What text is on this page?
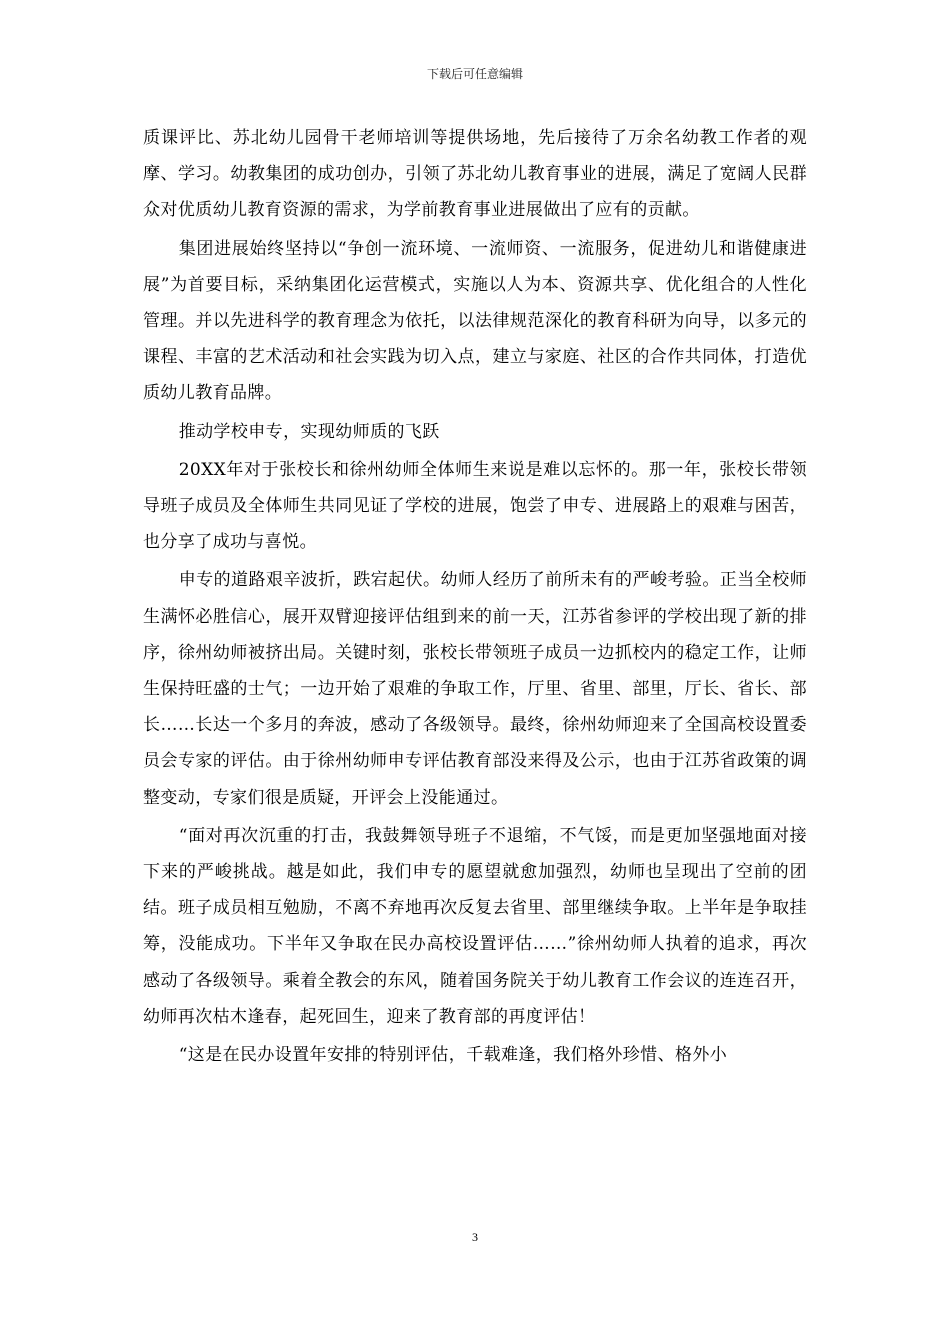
下载后可任意编辑

质课评比、苏北幼儿园骨干老师培训等提供场地，先后接待了万余名幼教工作者的观摩、学习。幼教集团的成功创办，引领了苏北幼儿教育事业的进展，满足了宽阔人民群众对优质幼儿教育资源的需求，为学前教育事业进展做出了应有的贡献。

集团进展始终坚持以“争创一流环境、一流师资、一流服务，促进幼儿和谐健康进展”为首要目标，采纳集团化运营模式，实施以人为本、资源共享、优化组合的人性化管理。并以先进科学的教育理念为依托，以法律规范深化的教育科研为向导，以多元的课程、丰富的艺术活动和社会实践为切入点，建立与家庭、社区的合作共同体，打造优质幼儿教育品牌。

推动学校申专，实现幼师质的飞跃

20XX年对于张校长和徐州幼师全体师生来说是难以忘怀的。那一年，张校长带领导班子成员及全体师生共同见证了学校的进展，饱尝了申专、进展路上的艰难与困苦，也分享了成功与喜悦。

申专的道路艰辛波折，跌宕起伏。幼师人经历了前所未有的严峻考验。正当全校师生满怀必胜信心，展开双臂迎接评估组到来的前一天，江苏省参评的学校出现了新的排序，徐州幼师被挤出局。关键时刻，张校长带领班子成员一边抓校内的稳定工作，让师生保持旺盛的士气；一边开始了艰难的争取工作，厅里、省里、部里，厅长、省长、部长……长达一个多月的奔波，感动了各级领导。最终，徐州幼师迎来了全国高校设置委员会专家的评估。由于徐州幼师申专评估教育部没来得及公示，也由于江苏省政策的调整变动，专家们很是质疑，开评会上没能通过。

“面对再次沉重的打击，我鼓舞领导班子不退缩，不气馁，而是更加坚强地面对接下来的严峻挑战。越是如此，我们申专的愿望就愈加强烈，幼师也呈现出了空前的团结。班子成员相互勉励，不离不弃地再次反复去省里、部里继续争取。上半年是争取挂筹，没能成功。下半年又争取在民办高校设置评估……”徐州幼师人执着的追求，再次感动了各级领导。乘着全教会的东风，随着国务院关于幼儿教育工作会议的连连召开，幼师再次枯木逢春，起死回生，迎来了教育部的再度评估！

“这是在民办设置年安排的特别评估，千载难逢，我们格外珍惜、格外小

3
